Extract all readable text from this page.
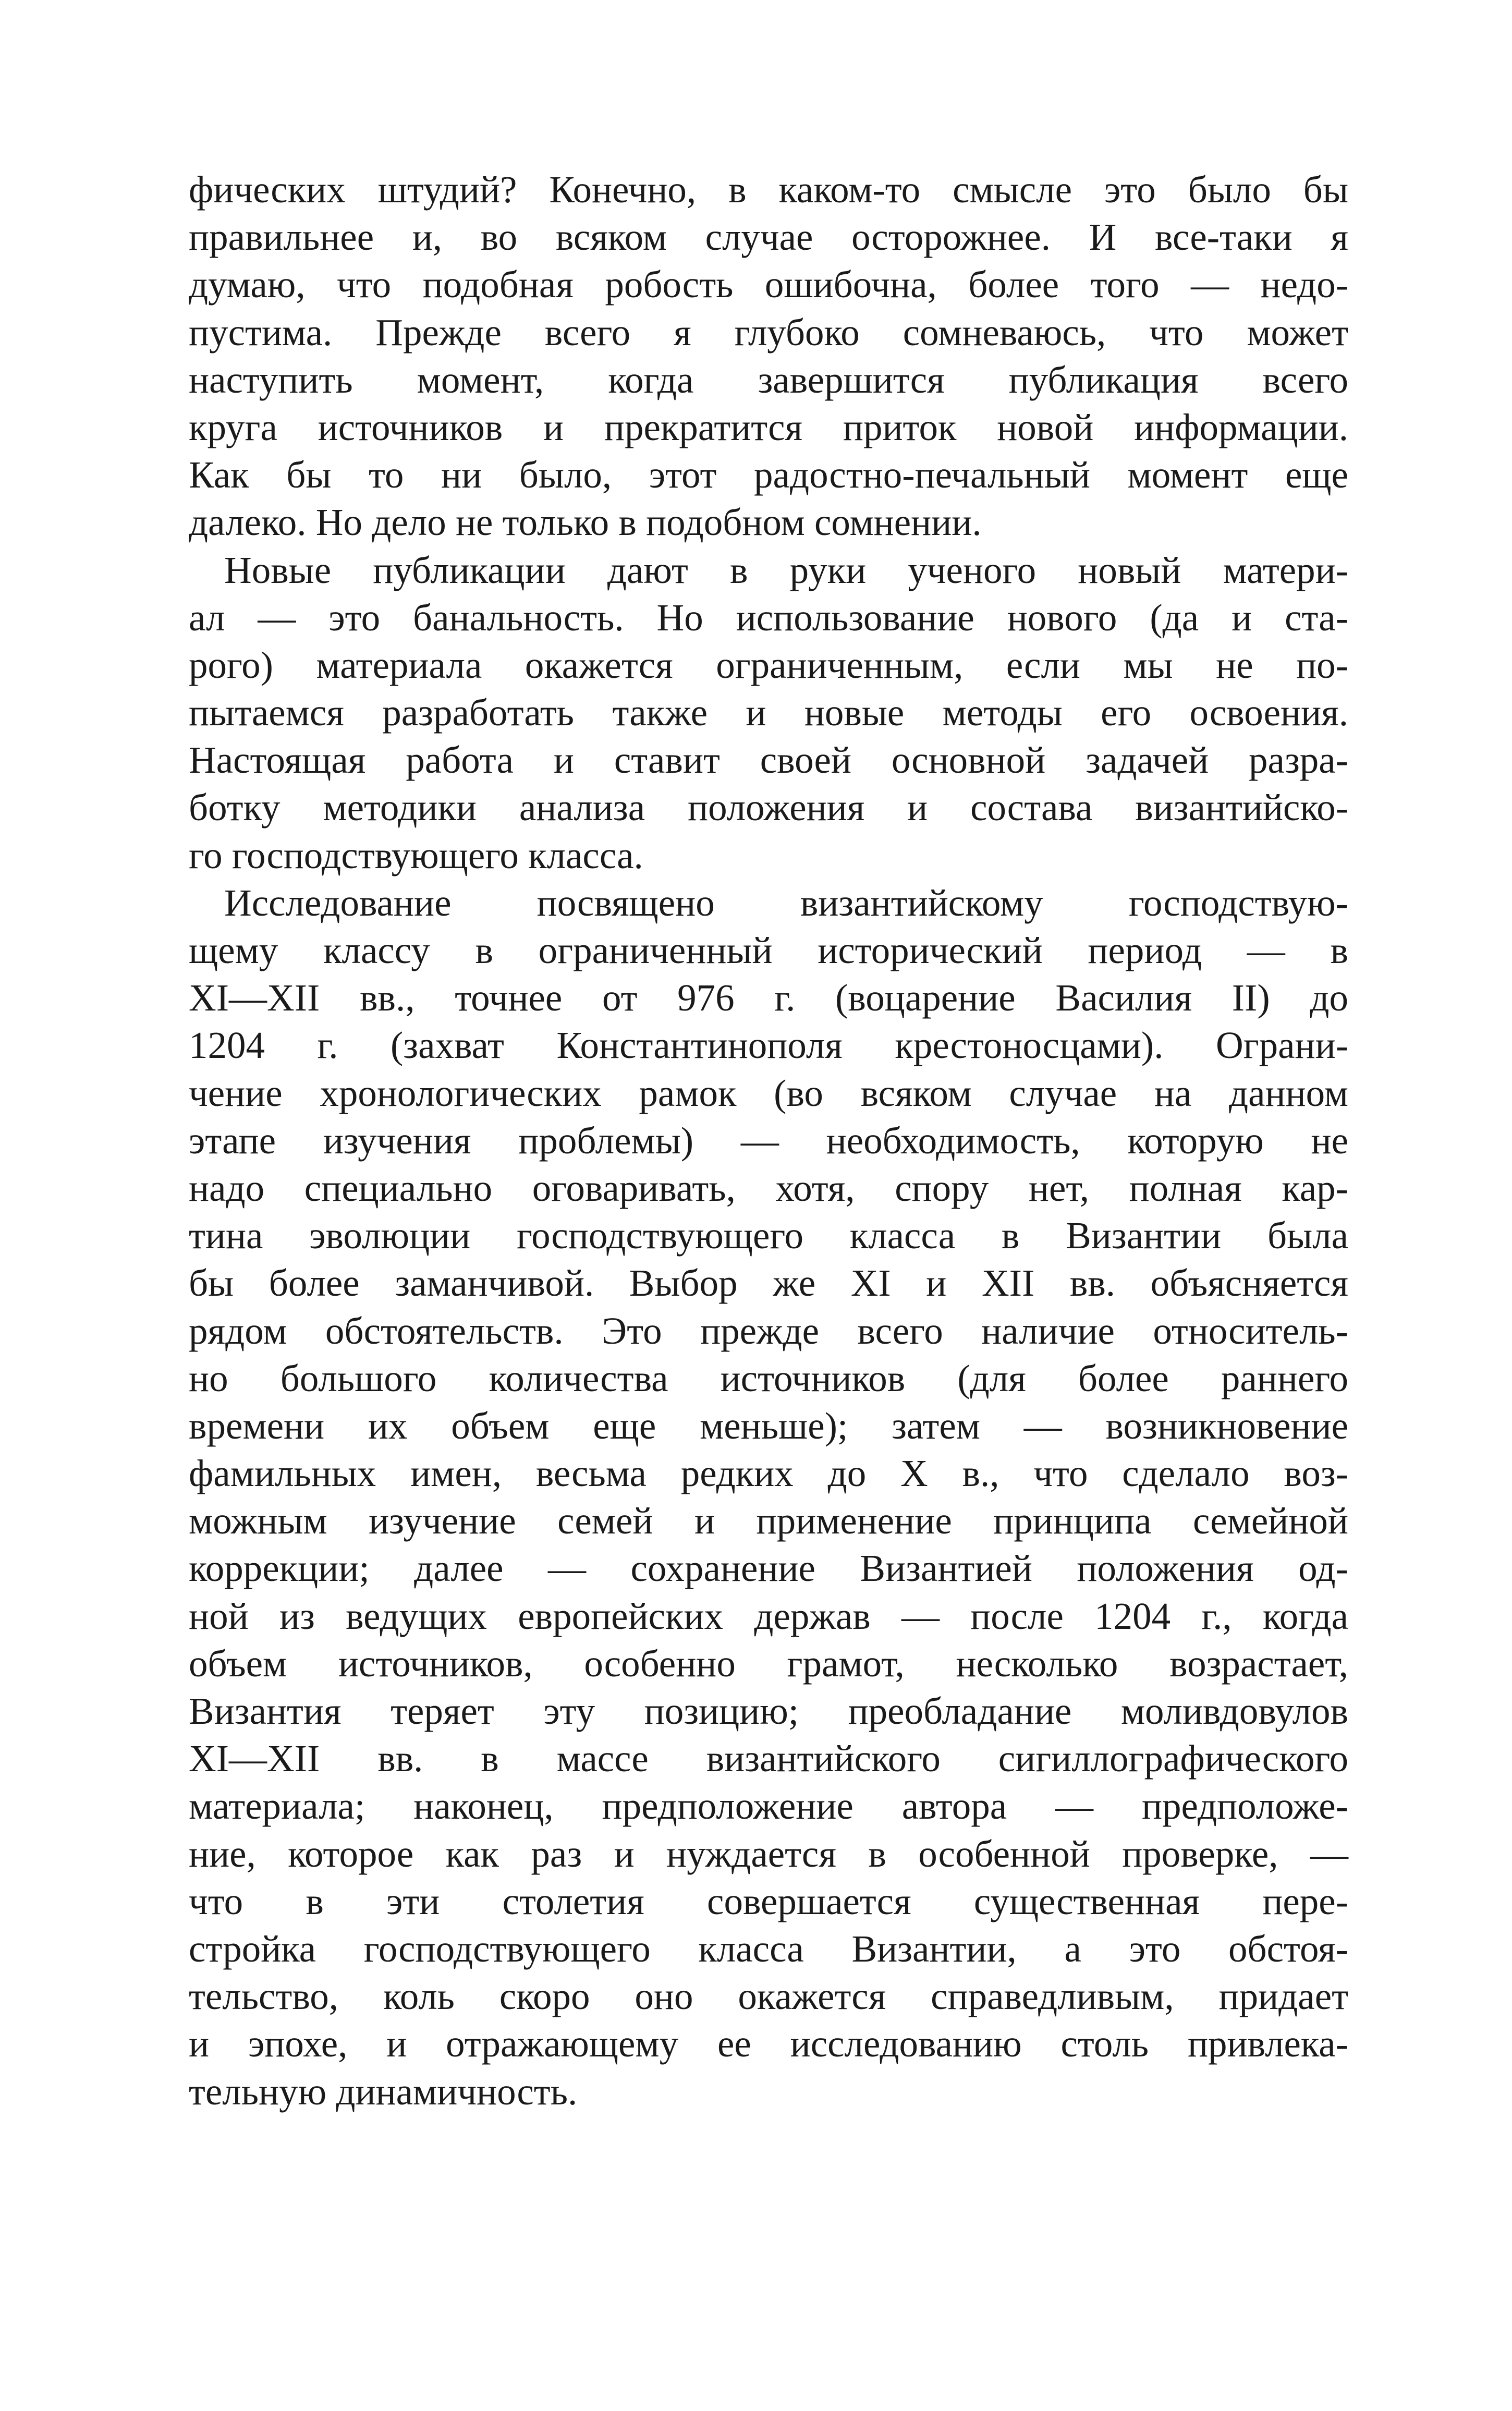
фических штудий? Конечно, в каком-то смысле это было бы
правильнее и, во всяком случае осторожнее. И все-таки я
думаю, что подобная робость ошибочна, более того — недо-
пустима. Прежде всего я глубоко сомневаюсь, что может
наступить момент, когда завершится публикация всего
круга источников и прекратится приток новой информации.
Как бы то ни было, этот радостно-печальный момент еще
далеко. Но дело не только в подобном сомнении.
Новые публикации дают в руки ученого новый матери-
ал — это банальность. Но использование нового (да и ста-
рого) материала окажется ограниченным, если мы не по-
пытаемся разработать также и новые методы его освоения.
Настоящая работа и ставит своей основной задачей разра-
ботку методики анализа положения и состава византийско-
го господствующего класса.
Исследование посвящено византийскому господствую-
щему классу в ограниченный исторический период — в
XI—XII вв., точнее от 976 г. (воцарение Василия II) до
1204 г. (захват Константинополя крестоносцами). Ограни-
чение хронологических рамок (во всяком случае на данном
этапе изучения проблемы) — необходимость, которую не
надо специально оговаривать, хотя, спору нет, полная кар-
тина эволюции господствующего класса в Византии была
бы более заманчивой. Выбор же XI и XII вв. объясняется
рядом обстоятельств. Это прежде всего наличие относитель-
но большого количества источников (для более раннего
времени их объем еще меньше); затем — возникновение
фамильных имен, весьма редких до X в., что сделало воз-
можным изучение семей и применение принципа семейной
коррекции; далее — сохранение Византией положения од-
ной из ведущих европейских держав — после 1204 г., когда
объем источников, особенно грамот, несколько возрастает,
Византия теряет эту позицию; преобладание моливдовулов
XI—XII вв. в массе византийского сигиллографического
материала; наконец, предположение автора — предположе-
ние, которое как раз и нуждается в особенной проверке, —
что в эти столетия совершается существенная пере-
стройка господствующего класса Византии, а это обстоя-
тельство, коль скоро оно окажется справедливым, придает
и эпохе, и отражающему ее исследованию столь привлека-
тельную динамичность.
